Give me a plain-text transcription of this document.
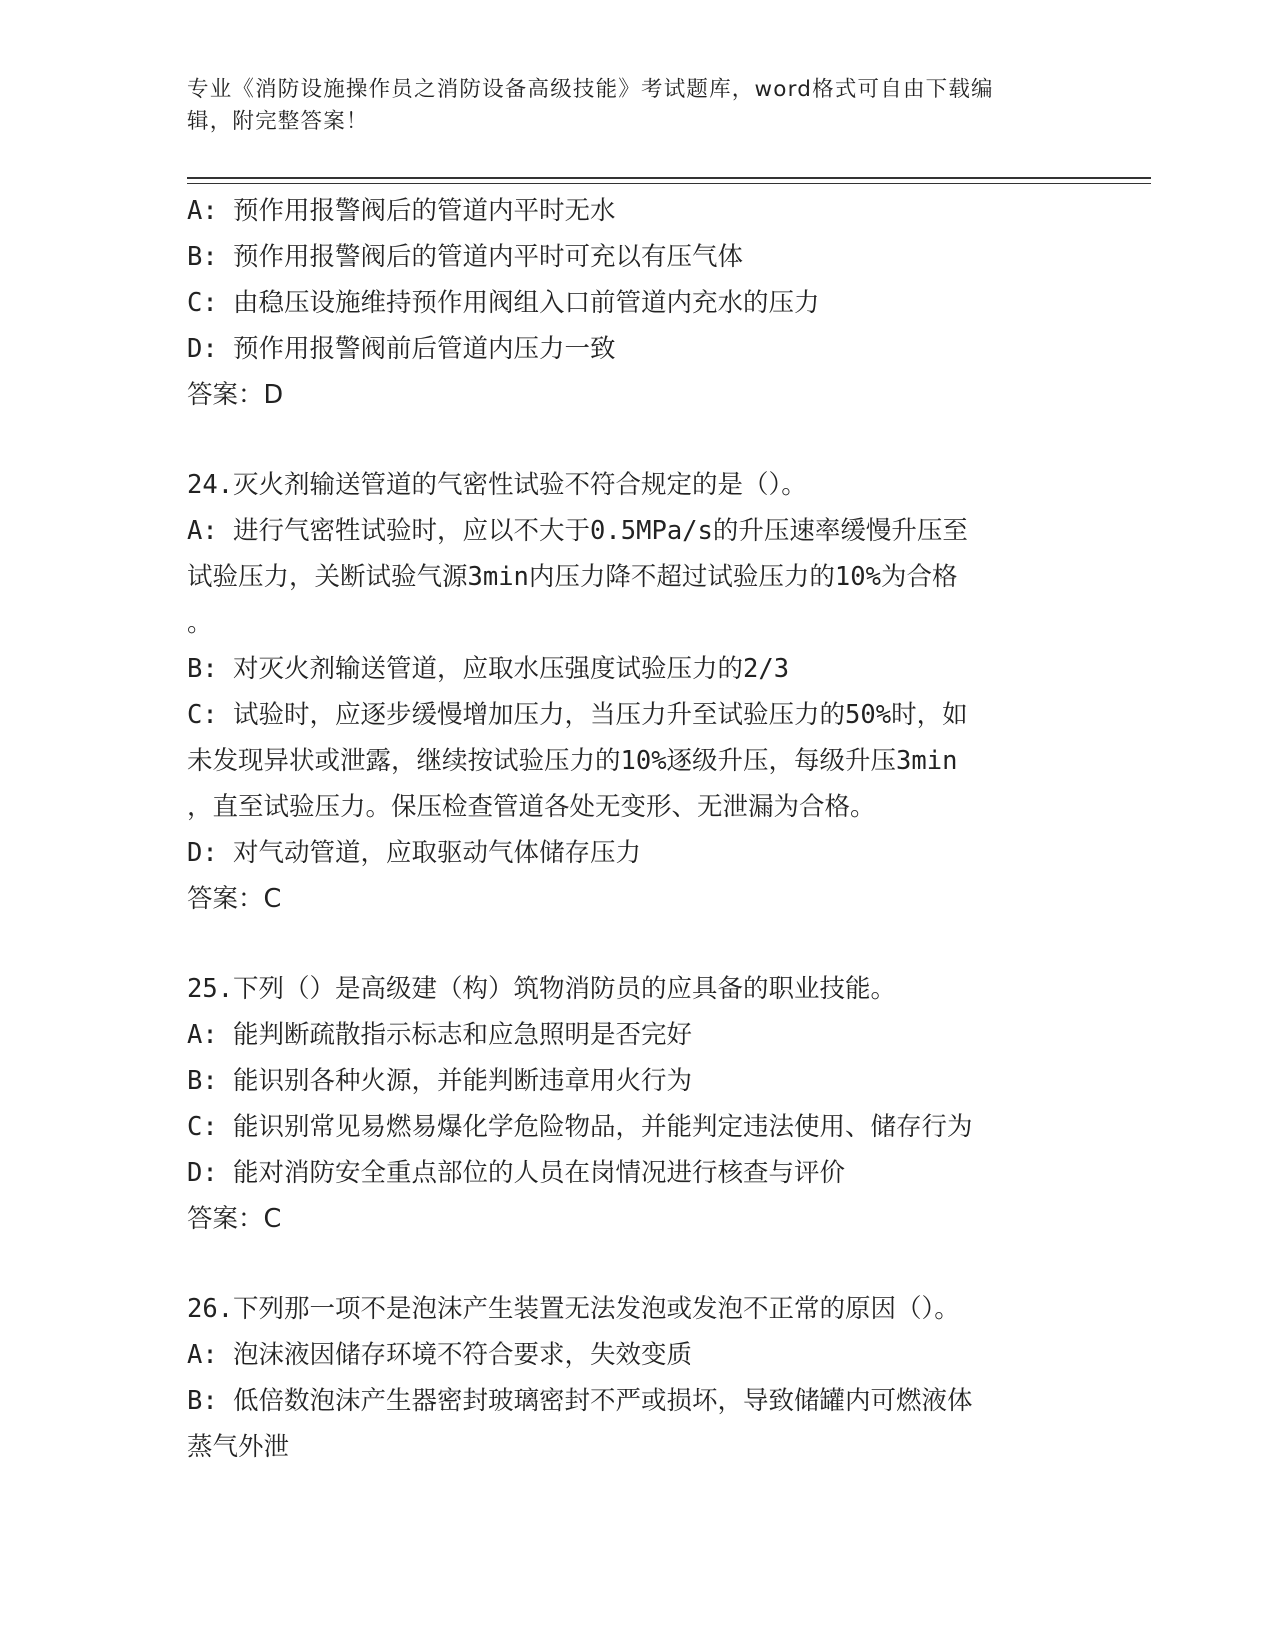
专业《消防设施操作员之消防设备高级技能》考试题库，word格式可自由下载编
辑，附完整答案！
A: 预作用报警阀后的管道内平时无水
B: 预作用报警阀后的管道内平时可充以有压气体
C: 由稳压设施维持预作用阀组入口前管道内充水的压力
D: 预作用报警阀前后管道内压力一致
答案：D
24.灭火剂输送管道的气密性试验不符合规定的是（）。
A: 进行气密牲试验时，应以不大于0.5MPa/s的升压速率缓慢升压至
试验压力，关断试验气源3min内压力降不超过试验压力的10%为合格
。
B: 对灭火剂输送管道，应取水压强度试验压力的2/3
C: 试验时，应逐步缓慢增加压力，当压力升至试验压力的50%时，如
未发现异状或泄露，继续按试验压力的10%逐级升压，每级升压3min
，直至试验压力。保压检查管道各处无变形、无泄漏为合格。
D: 对气动管道，应取驱动气体储存压力
答案：C
25.下列（）是高级建（构）筑物消防员的应具备的职业技能。
A: 能判断疏散指示标志和应急照明是否完好
B: 能识别各种火源，并能判断违章用火行为
C: 能识别常见易燃易爆化学危险物品，并能判定违法使用、储存行为
D: 能对消防安全重点部位的人员在岗情况进行核查与评价
答案：C
26.下列那一项不是泡沫产生装置无法发泡或发泡不正常的原因（）。
A: 泡沫液因储存环境不符合要求，失效变质
B: 低倍数泡沫产生器密封玻璃密封不严或损坏，导致储罐内可燃液体
蒸气外泄
